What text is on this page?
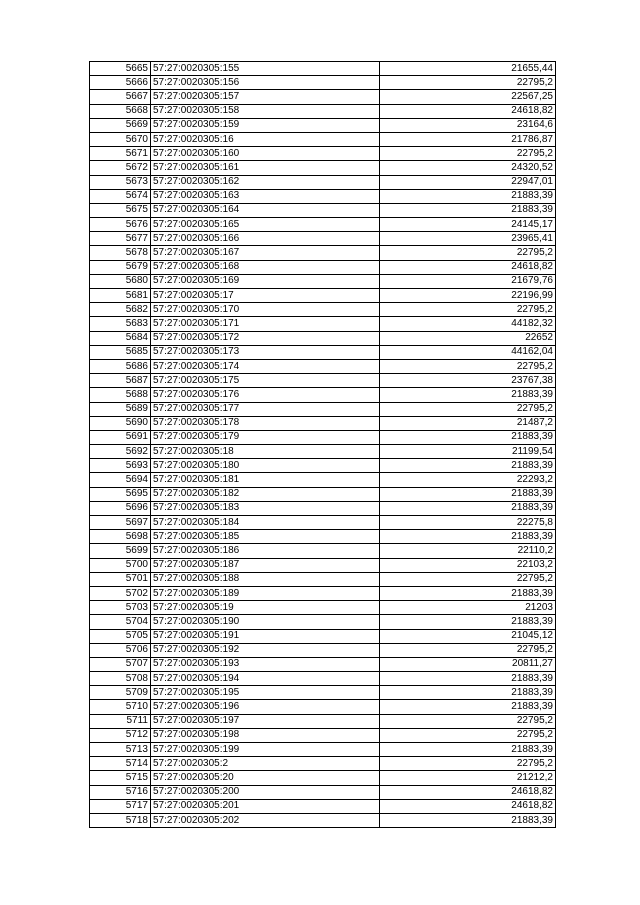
5665	57:27:0020305:155	21655,44
5666	57:27:0020305:156	22795,2
5667	57:27:0020305:157	22567,25
5668	57:27:0020305:158	24618,82
5669	57:27:0020305:159	23164,6
5670	57:27:0020305:16	21786,87
5671	57:27:0020305:160	22795,2
5672	57:27:0020305:161	24320,52
5673	57:27:0020305:162	22947,01
5674	57:27:0020305:163	21883,39
5675	57:27:0020305:164	21883,39
5676	57:27:0020305:165	24145,17
5677	57:27:0020305:166	23965,41
5678	57:27:0020305:167	22795,2
5679	57:27:0020305:168	24618,82
5680	57:27:0020305:169	21679,76
5681	57:27:0020305:17	22196,99
5682	57:27:0020305:170	22795,2
5683	57:27:0020305:171	44182,32
5684	57:27:0020305:172	22652
5685	57:27:0020305:173	44162,04
5686	57:27:0020305:174	22795,2
5687	57:27:0020305:175	23767,38
5688	57:27:0020305:176	21883,39
5689	57:27:0020305:177	22795,2
5690	57:27:0020305:178	21487,2
5691	57:27:0020305:179	21883,39
5692	57:27:0020305:18	21199,54
5693	57:27:0020305:180	21883,39
5694	57:27:0020305:181	22293,2
5695	57:27:0020305:182	21883,39
5696	57:27:0020305:183	21883,39
5697	57:27:0020305:184	22275,8
5698	57:27:0020305:185	21883,39
5699	57:27:0020305:186	22110,2
5700	57:27:0020305:187	22103,2
5701	57:27:0020305:188	22795,2
5702	57:27:0020305:189	21883,39
5703	57:27:0020305:19	21203
5704	57:27:0020305:190	21883,39
5705	57:27:0020305:191	21045,12
5706	57:27:0020305:192	22795,2
5707	57:27:0020305:193	20811,27
5708	57:27:0020305:194	21883,39
5709	57:27:0020305:195	21883,39
5710	57:27:0020305:196	21883,39
5711	57:27:0020305:197	22795,2
5712	57:27:0020305:198	22795,2
5713	57:27:0020305:199	21883,39
5714	57:27:0020305:2	22795,2
5715	57:27:0020305:20	21212,2
5716	57:27:0020305:200	24618,82
5717	57:27:0020305:201	24618,82
5718	57:27:0020305:202	21883,39
